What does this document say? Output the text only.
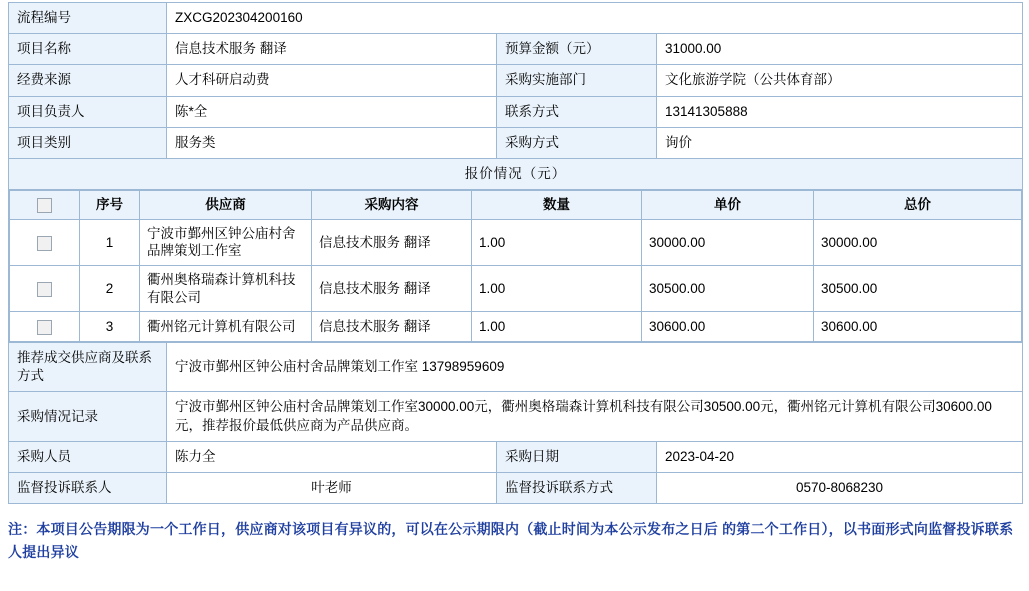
流程编号	ZXCG202304200160
项目名称	信息技术服务 翻译	预算金额（元）	31000.00
经费来源	人才科研启动费	采购实施部门	文化旅游学院（公共体育部）
项目负责人	陈*全	联系方式	13141305888
项目类别	服务类	采购方式	询价
报价情况（元）

	序号	供应商	采购内容	数量	单价	总价
	1	宁波市鄞州区钟公庙村舍品牌策划工作室	信息技术服务 翻译	1.00	30000.00	30000.00
	2	衢州奥格瑞森计算机科技有限公司	信息技术服务 翻译	1.00	30500.00	30500.00
	3	衢州铭元计算机有限公司	信息技术服务 翻译	1.00	30600.00	30600.00

推荐成交供应商及联系方式	宁波市鄞州区钟公庙村舍品牌策划工作室 13798959609
采购情况记录	宁波市鄞州区钟公庙村舍品牌策划工作室30000.00元，衢州奥格瑞森计算机科技有限公司30500.00元，衢州铭元计算机有限公司30600.00元，推荐报价最低供应商为产品供应商。
采购人员	陈力全	采购日期	2023-04-20
监督投诉联系人	叶老师	监督投诉联系方式	0570-8068230
注：本项目公告期限为一个工作日，供应商对该项目有异议的，可以在公示期限内（截止时间为本公示发布之日后 的第二个工作日），以书面形式向监督投诉联系人提出异议
